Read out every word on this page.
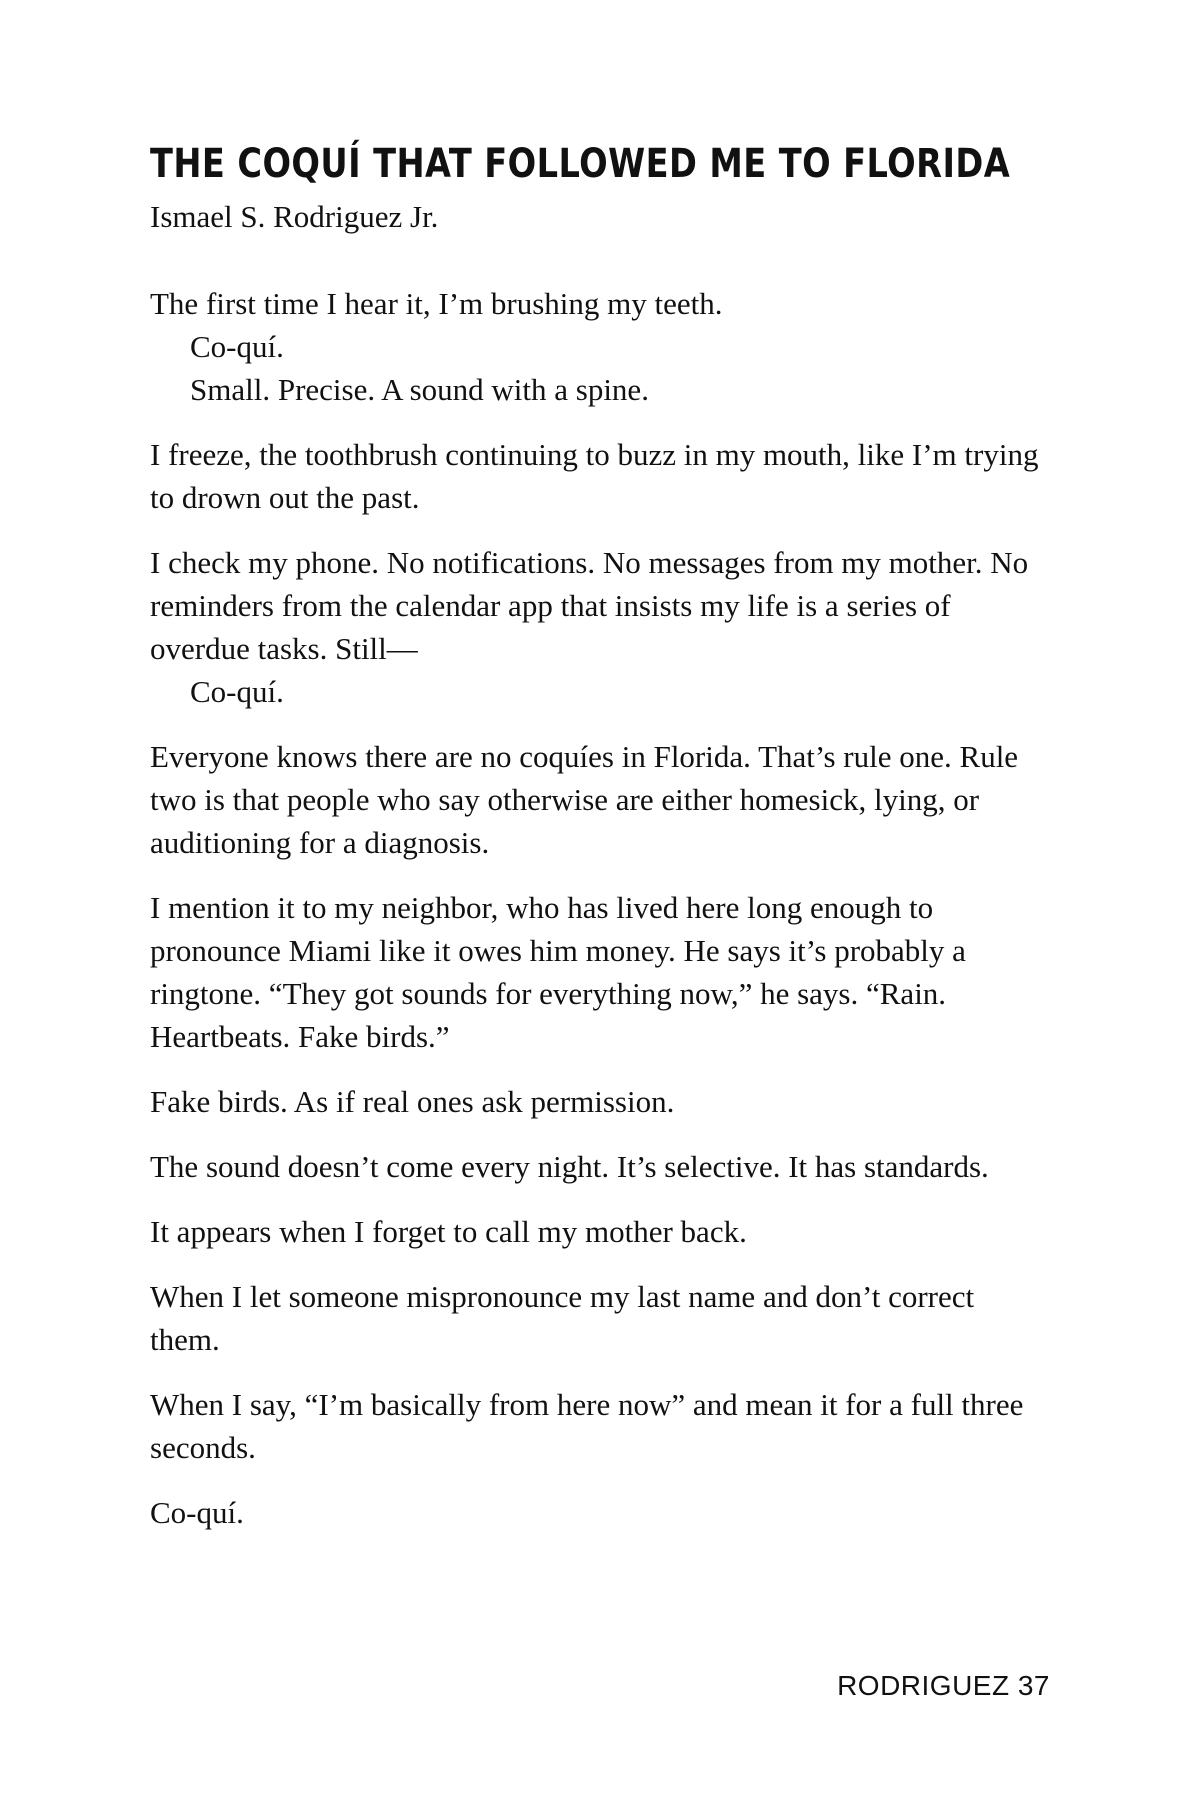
THE COQUÍ THAT FOLLOWED ME TO FLORIDA
Ismael S. Rodriguez Jr.

The first time I hear it, I’m brushing my teeth.
Co-quí.
Small. Precise. A sound with a spine.

I freeze, the toothbrush continuing to buzz in my mouth, like I’m trying to drown out the past.

I check my phone. No notifications. No messages from my mother. No reminders from the calendar app that insists my life is a series of overdue tasks. Still—
Co-quí.

Everyone knows there are no coquíes in Florida. That’s rule one. Rule two is that people who say otherwise are either homesick, lying, or auditioning for a diagnosis.

I mention it to my neighbor, who has lived here long enough to pronounce Miami like it owes him money. He says it’s probably a ringtone. “They got sounds for everything now,” he says. “Rain. Heartbeats. Fake birds.”

Fake birds. As if real ones ask permission.

The sound doesn’t come every night. It’s selective. It has standards.

It appears when I forget to call my mother back.

When I let someone mispronounce my last name and don’t correct them.

When I say, “I’m basically from here now” and mean it for a full three seconds.

Co-quí.

RODRIGUEZ 37
